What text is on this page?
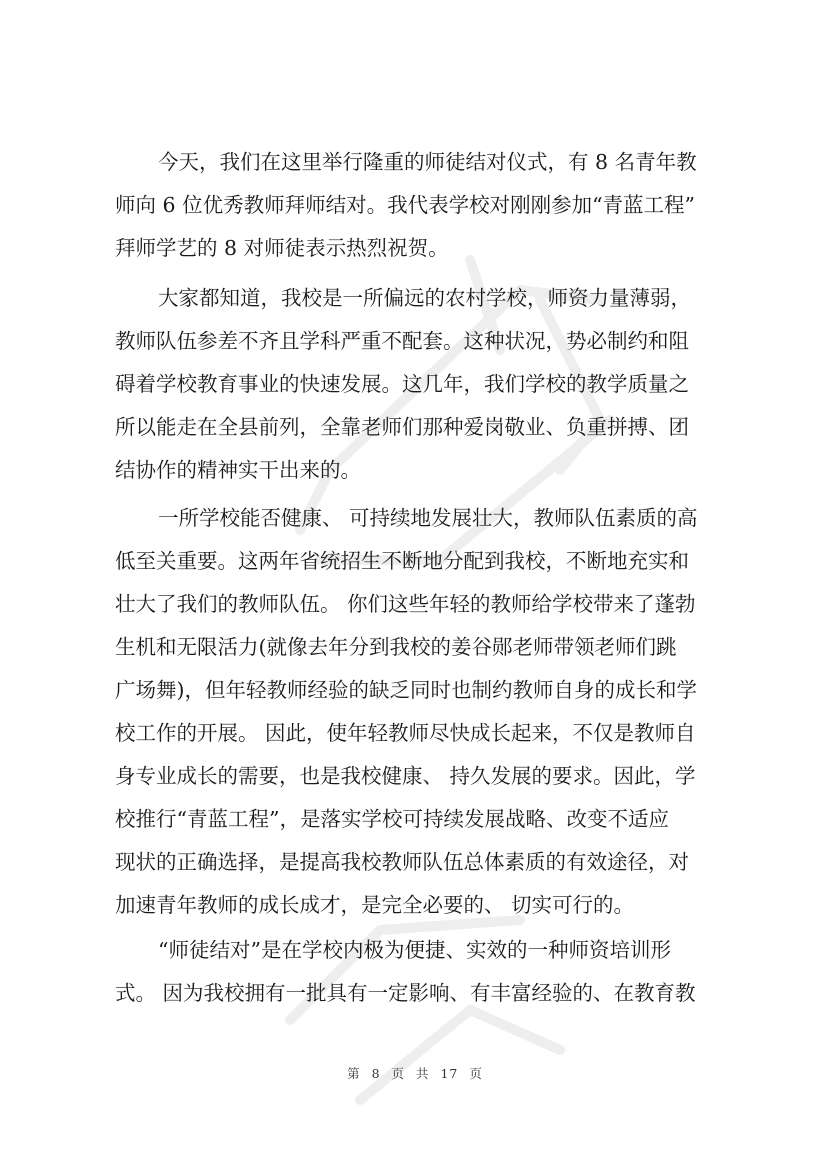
今天，我们在这里举行隆重的师徒结对仪式，有 8 名青年教
师向 6 位优秀教师拜师结对。我代表学校对刚刚参加“青蓝工程”
拜师学艺的 8 对师徒表示热烈祝贺。
大家都知道，我校是一所偏远的农村学校，师资力量薄弱，
教师队伍参差不齐且学科严重不配套。这种状况，势必制约和阻
碍着学校教育事业的快速发展。这几年，我们学校的教学质量之
所以能走在全县前列，全靠老师们那种爱岗敬业、负重拼搏、团
结协作的精神实干出来的。
一所学校能否健康、 可持续地发展壮大，教师队伍素质的高
低至关重要。这两年省统招生不断地分配到我校，不断地充实和
壮大了我们的教师队伍。 你们这些年轻的教师给学校带来了蓬勃
生机和无限活力(就像去年分到我校的姜谷郧老师带领老师们跳
广场舞)，但年轻教师经验的缺乏同时也制约教师自身的成长和学
校工作的开展。 因此，使年轻教师尽快成长起来，不仅是教师自
身专业成长的需要，也是我校健康、 持久发展的要求。因此，学
校推行“青蓝工程”，是落实学校可持续发展战略、改变不适应
现状的正确选择，是提高我校教师队伍总体素质的有效途径，对
加速青年教师的成长成才，是完全必要的、 切实可行的。
“师徒结对”是在学校内极为便捷、实效的一种师资培训形
式。 因为我校拥有一批具有一定影响、有丰富经验的、在教育教
第 8 页 共 17 页
